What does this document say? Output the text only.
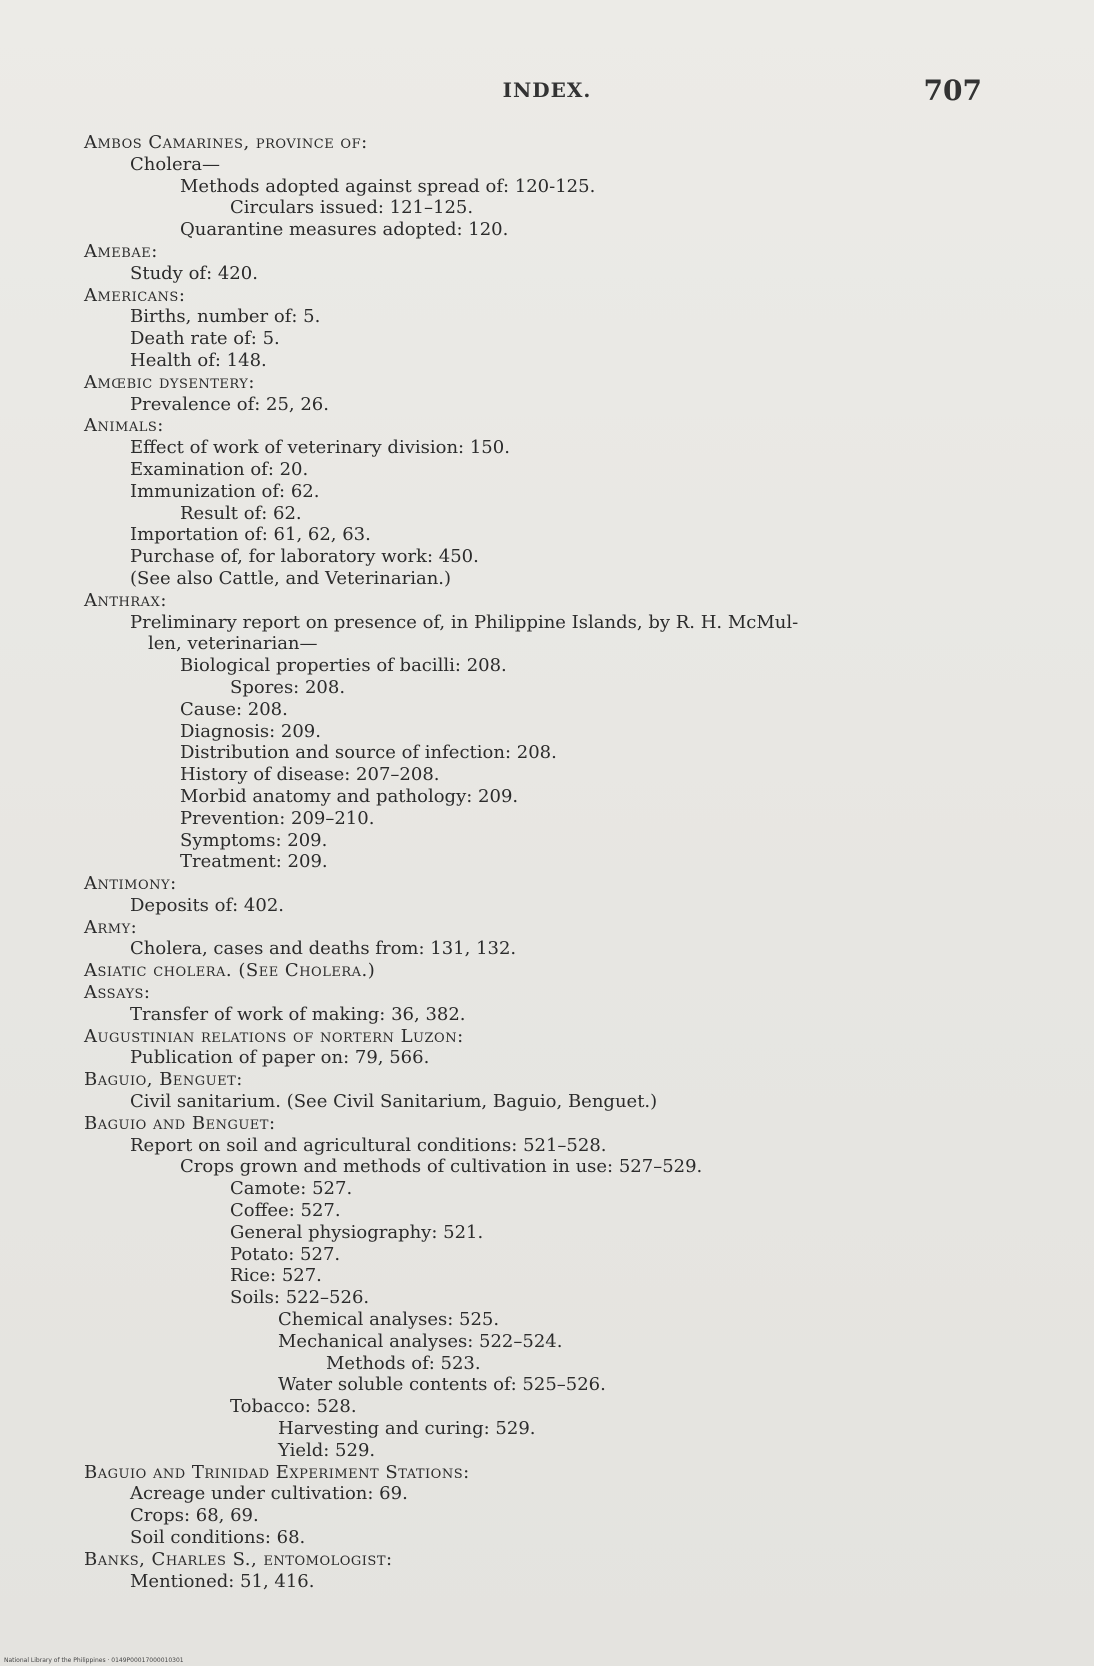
INDEX.	707
Ambos Camarines, province of:
Cholera—
Methods adopted against spread of: 120-125.
Circulars issued: 121–125.
Quarantine measures adopted: 120.
Amebae:
Study of: 420.
Americans:
Births, number of: 5.
Death rate of: 5.
Health of: 148.
Amœbic dysentery:
Prevalence of: 25, 26.
Animals:
Effect of work of veterinary division: 150.
Examination of: 20.
Immunization of: 62.
Result of: 62.
Importation of: 61, 62, 63.
Purchase of, for laboratory work: 450.
(See also Cattle, and Veterinarian.)
Anthrax:
Preliminary report on presence of, in Philippine Islands, by R. H. McMul-
len, veterinarian—
Biological properties of bacilli: 208.
Spores: 208.
Cause: 208.
Diagnosis: 209.
Distribution and source of infection: 208.
History of disease: 207–208.
Morbid anatomy and pathology: 209.
Prevention: 209–210.
Symptoms: 209.
Treatment: 209.
Antimony:
Deposits of: 402.
Army:
Cholera, cases and deaths from: 131, 132.
Asiatic cholera. (See Cholera.)
Assays:
Transfer of work of making: 36, 382.
Augustinian relations of nortern Luzon:
Publication of paper on: 79, 566.
Baguio, Benguet:
Civil sanitarium. (See Civil Sanitarium, Baguio, Benguet.)
Baguio and Benguet:
Report on soil and agricultural conditions: 521–528.
Crops grown and methods of cultivation in use: 527–529.
Camote: 527.
Coffee: 527.
General physiography: 521.
Potato: 527.
Rice: 527.
Soils: 522–526.
Chemical analyses: 525.
Mechanical analyses: 522–524.
Methods of: 523.
Water soluble contents of: 525–526.
Tobacco: 528.
Harvesting and curing: 529.
Yield: 529.
Baguio and Trinidad Experiment Stations:
Acreage under cultivation: 69.
Crops: 68, 69.
Soil conditions: 68.
Banks, Charles S., entomologist:
Mentioned: 51, 416.
National Library of the Philippines · 0149P00017000010301
